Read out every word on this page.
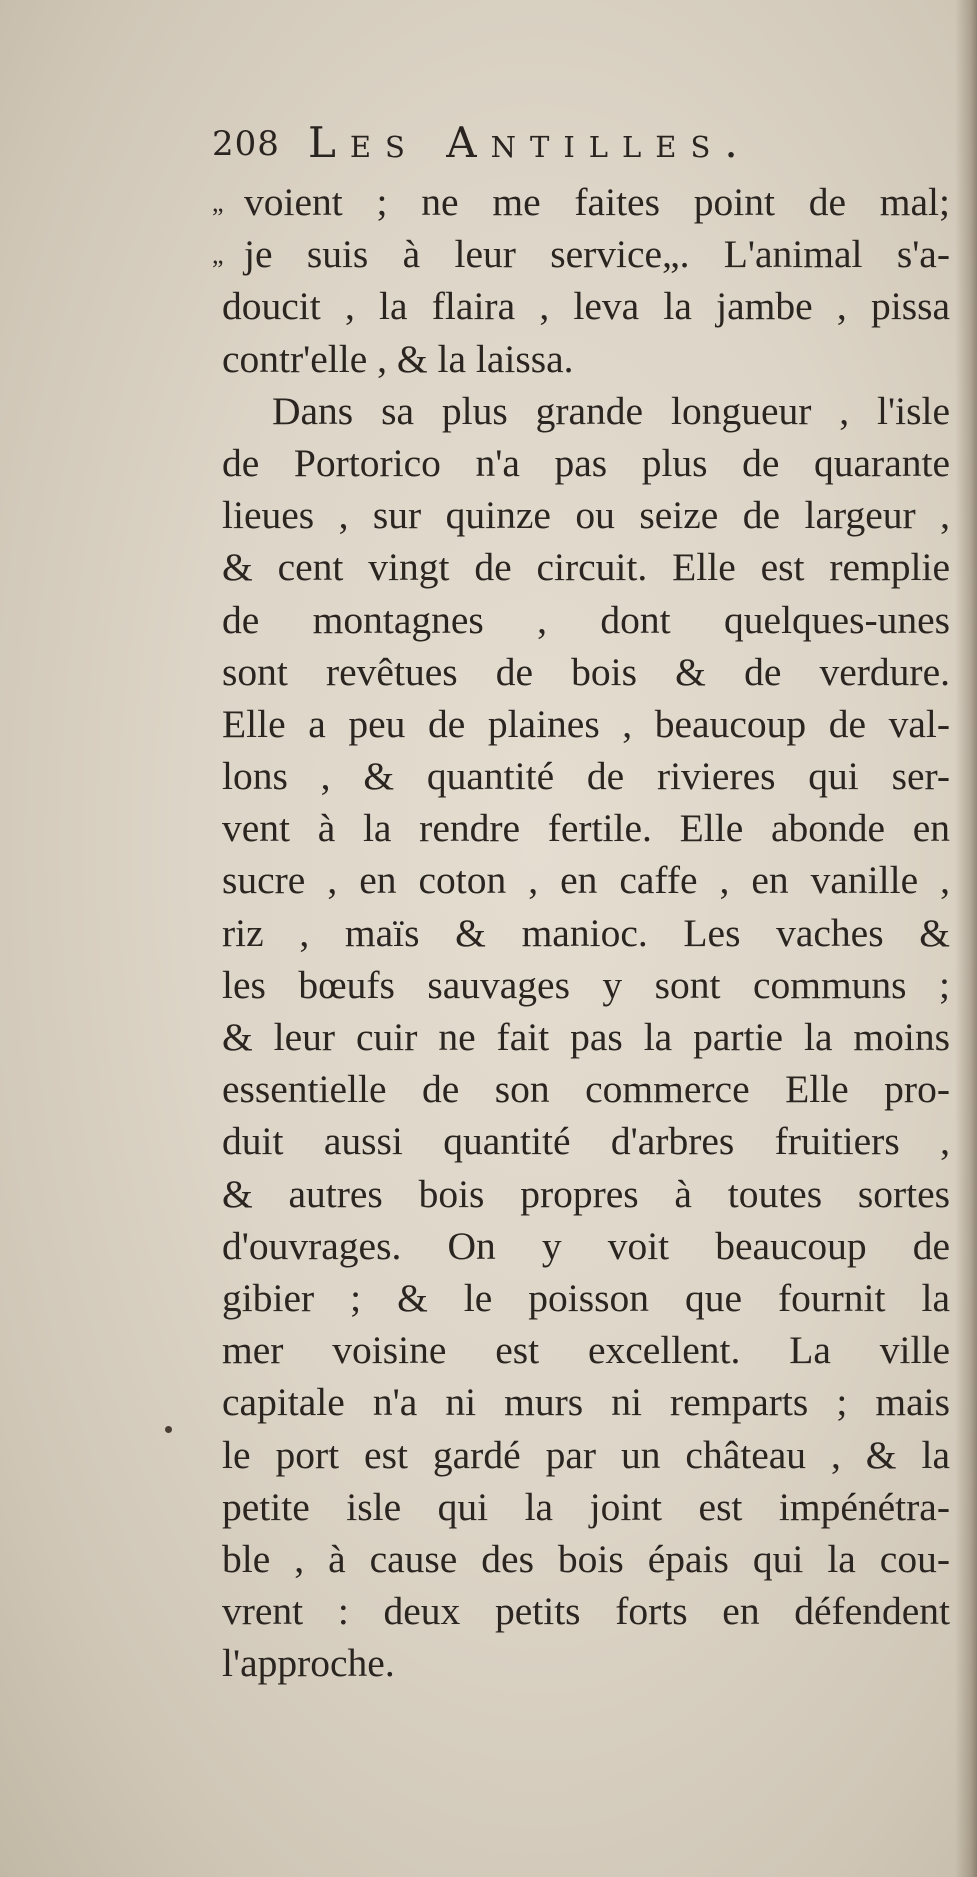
208 Les Antilles.
„ voient ; ne me faites point de mal;
„ je suis à leur service„. L'animal s'a-
doucit , la flaira , leva la jambe , pissa
contr'elle , & la laissa.
Dans sa plus grande longueur , l'isle
de Portorico n'a pas plus de quarante
lieues , sur quinze ou seize de largeur ,
& cent vingt de circuit. Elle est remplie
de montagnes , dont quelques-unes
sont revêtues de bois & de verdure.
Elle a peu de plaines , beaucoup de val-
lons , & quantité de rivieres qui ser-
vent à la rendre fertile. Elle abonde en
sucre , en coton , en caffe , en vanille ,
riz , maïs & manioc. Les vaches &
les bœufs sauvages y sont communs ;
& leur cuir ne fait pas la partie la moins
essentielle de son commerce Elle pro-
duit aussi quantité d'arbres fruitiers ,
& autres bois propres à toutes sortes
d'ouvrages. On y voit beaucoup de
gibier ; & le poisson que fournit la
mer voisine est excellent. La ville
capitale n'a ni murs ni remparts ; mais
le port est gardé par un château , & la
petite isle qui la joint est impénétra-
ble , à cause des bois épais qui la cou-
vrent : deux petits forts en défendent
l'approche.
